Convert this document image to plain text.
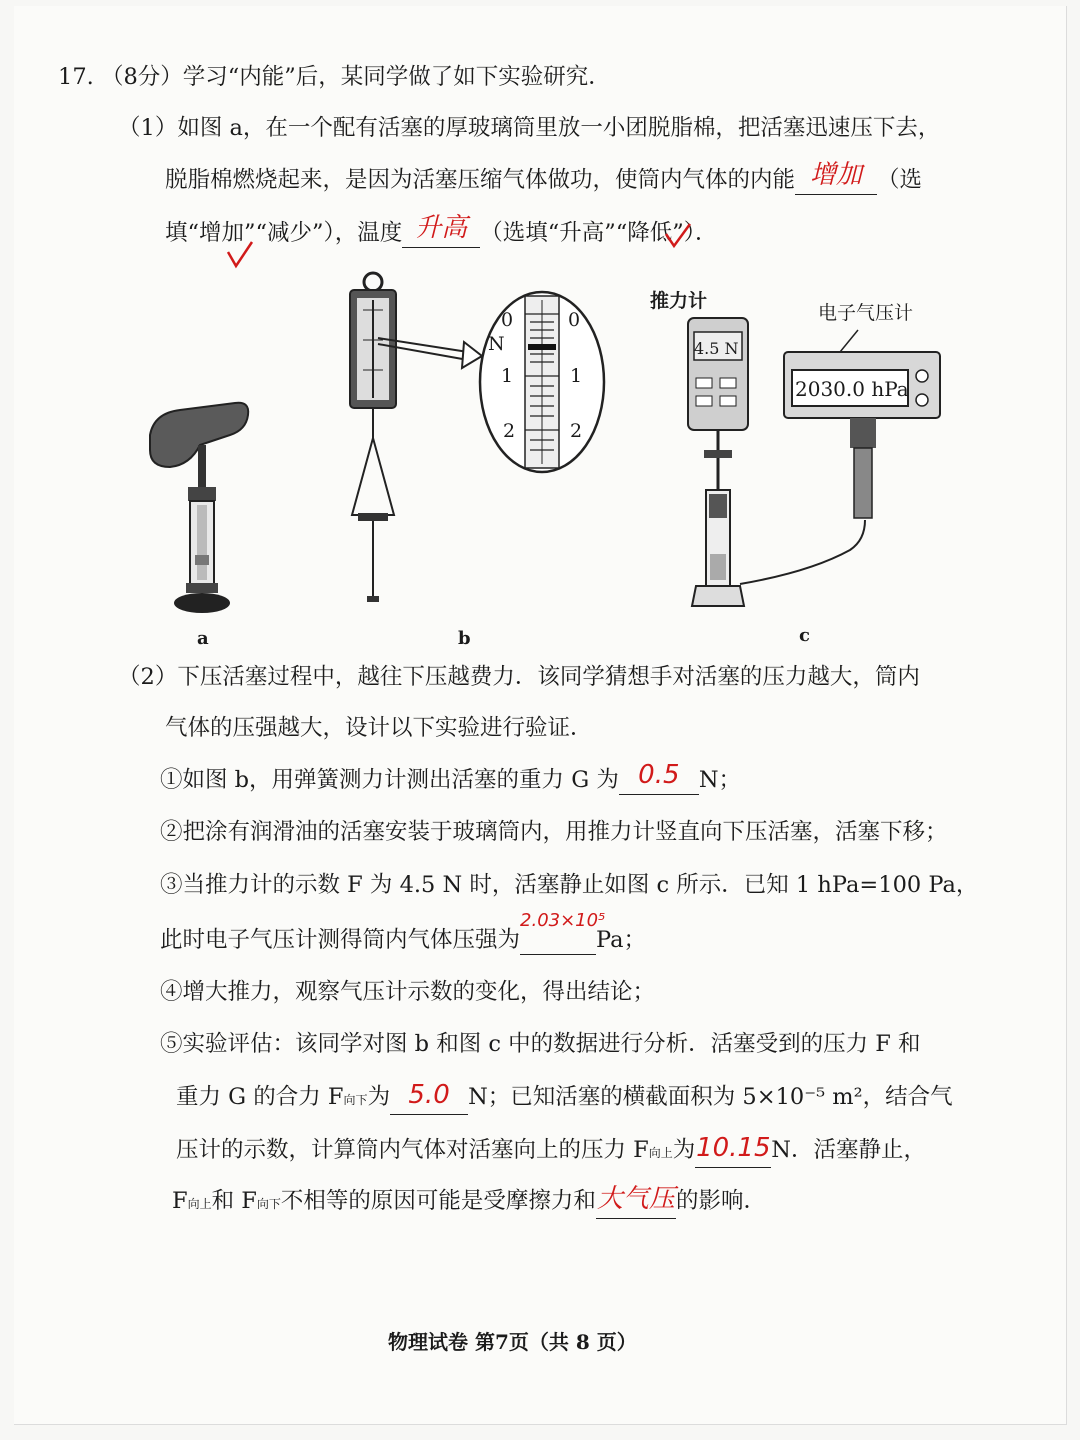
17. （8分）学习“内能”后，某同学做了如下实验研究．
（1）如图 a，在一个配有活塞的厚玻璃筒里放一小团脱脂棉，把活塞迅速压下去，
脱脂棉燃烧起来，是因为活塞压缩气体做功，使筒内气体的内能 增加 （选
填“增加”“减少”），温度 升高 （选填“升高”“降低”）．
a
0	0
N
1	1
2	2
b
推力计
电子气压计
4.5 N
2030.0 hPa
c
（2）下压活塞过程中，越往下压越费力．该同学猜想手对活塞的压力越大，筒内
气体的压强越大，设计以下实验进行验证．
①如图 b，用弹簧测力计测出活塞的重力 G 为 0.5 N；
②把涂有润滑油的活塞安装于玻璃筒内，用推力计竖直向下压活塞，活塞下移；
③当推力计的示数 F 为 4.5 N 时，活塞静止如图 c 所示．已知 1 hPa=100 Pa，
此时电子气压计测得筒内气体压强为$^{2.03\times 10^5}$Pa；
④增大推力，观察气压计示数的变化，得出结论；
⑤实验评估：该同学对图 b 和图 c 中的数据进行分析．活塞受到的压力 F 和
重力 G 的合力 F向下为 5.0 N；已知活塞的横截面积为 5×10⁻⁵ m²，结合气
压计的示数，计算筒内气体对活塞向上的压力 F向上为10.15N．活塞静止，
F向上和 F向下不相等的原因可能是受摩擦力和大气压的影响．
物理试卷 第7页（共 8 页）
